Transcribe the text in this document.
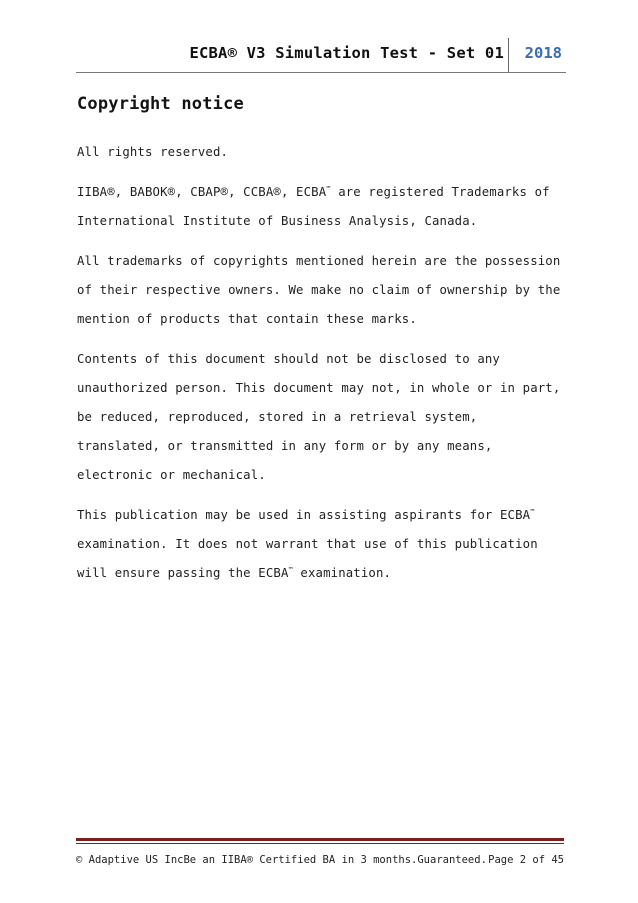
ECBA® V3 Simulation Test - Set 01 2018
Copyright notice

All rights reserved.

IIBA®, BABOK®, CBAP®, CCBA®, ECBA™ are registered Trademarks of
International Institute of Business Analysis, Canada.

All trademarks of copyrights mentioned herein are the possession
of their respective owners. We make no claim of ownership by the
mention of products that contain these marks.

Contents of this document should not be disclosed to any
unauthorized person. This document may not, in whole or in part,
be reduced, reproduced, stored in a retrieval system,
translated, or transmitted in any form or by any means,
electronic or mechanical.

This publication may be used in assisting aspirants for ECBA™
examination. It does not warrant that use of this publication
will ensure passing the ECBA™ examination.

© Adaptive US IncBe an IIBA® Certified BA in 3 months.Guaranteed. Page 2 of 45
